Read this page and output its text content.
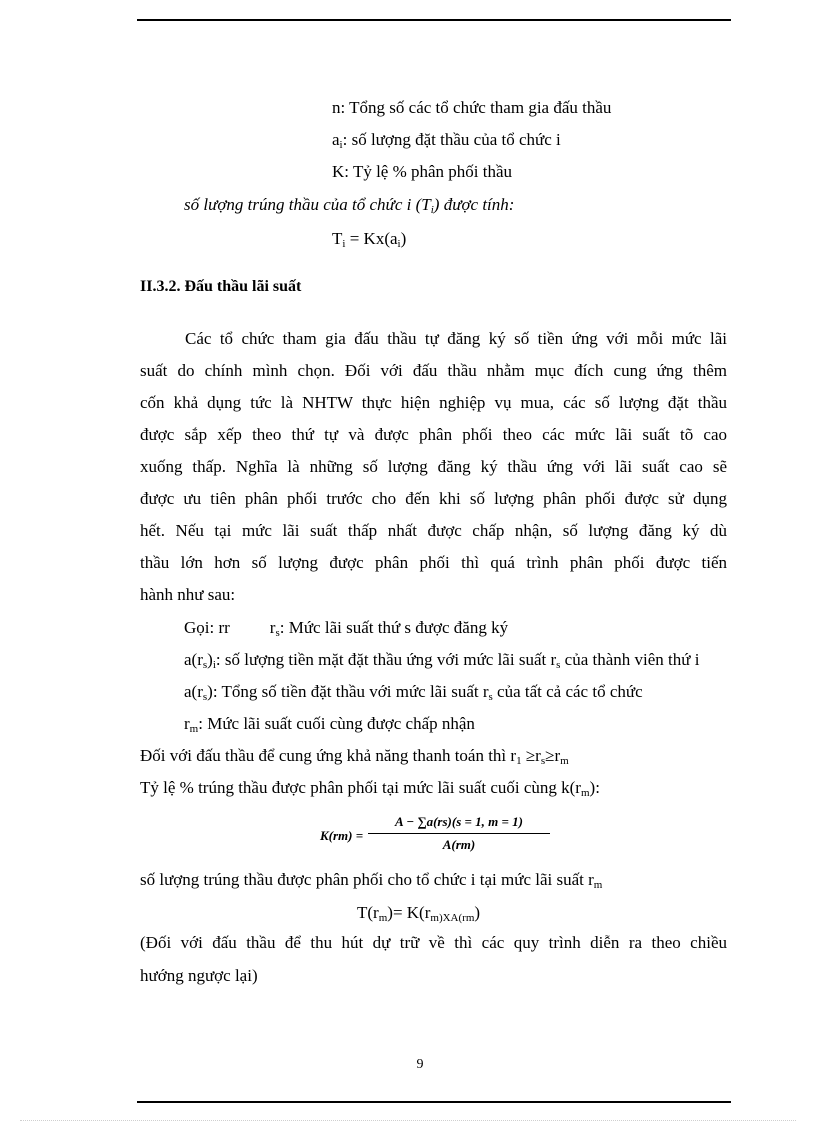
n: Tổng số các tổ chức tham gia đấu thầu
$a_i$: số lượng đặt thầu của tổ chức i
K: Tỷ lệ % phân phối thầu
số lượng trúng thầu của tổ chức i $(T_i)$ được tính:
$T_i = Kx(a_i)$
II.3.2. Đấu thầu lãi suất
Các tổ chức tham gia đấu thầu tự đăng ký số tiền ứng với mỗi mức lãi
suất do chính mình chọn. Đối với đấu thầu nhằm mục đích cung ứng thêm
cốn khả dụng tức là NHTW thực hiện nghiệp vụ mua, các số lượng đặt thầu
được sắp xếp theo thứ tự và được phân phối theo các mức lãi suất tõ cao
xuống thấp. Nghĩa là những số lượng đăng ký thầu ứng với lãi suất cao sẽ
được ưu tiên phân phối trước cho đến khi số lượng phân phối được sử dụng
hết. Nếu tại mức lãi suất thấp nhất được chấp nhận, số lượng đăng ký dù
thầu lớn hơn số lượng được phân phối thì quá trình phân phối được tiến
hành như sau:
Gọi: rr $r_s$: Mức lãi suất thứ s được đăng ký
$a(r_s)_i$: số lượng tiền mặt đặt thầu ứng với mức lãi suất $r_s$ của thành viên thứ i
$a(r_s)$: Tổng số tiền đặt thầu với mức lãi suất $r_s$ của tất cả các tổ chức
$r_m$: Mức lãi suất cuối cùng được chấp nhận
Đối với đấu thầu để cung ứng khả năng thanh toán thì $r_1 \ge r_s\ge r_m$
Tỷ lệ % trúng thầu được phân phối tại mức lãi suất cuối cùng $k(r_m)$:
K(rm) =
A − ∑a(rs)(s = 1, m = 1)
A(rm)
số lượng trúng thầu được phân phối cho tổ chức i tại mức lãi suất $r_m$
$T(r_m)= K(r_{m)XA(rm})$
(Đối với đấu thầu để thu hút dự trữ về thì các quy trình diễn ra theo chiều
hướng ngược lại)
9
